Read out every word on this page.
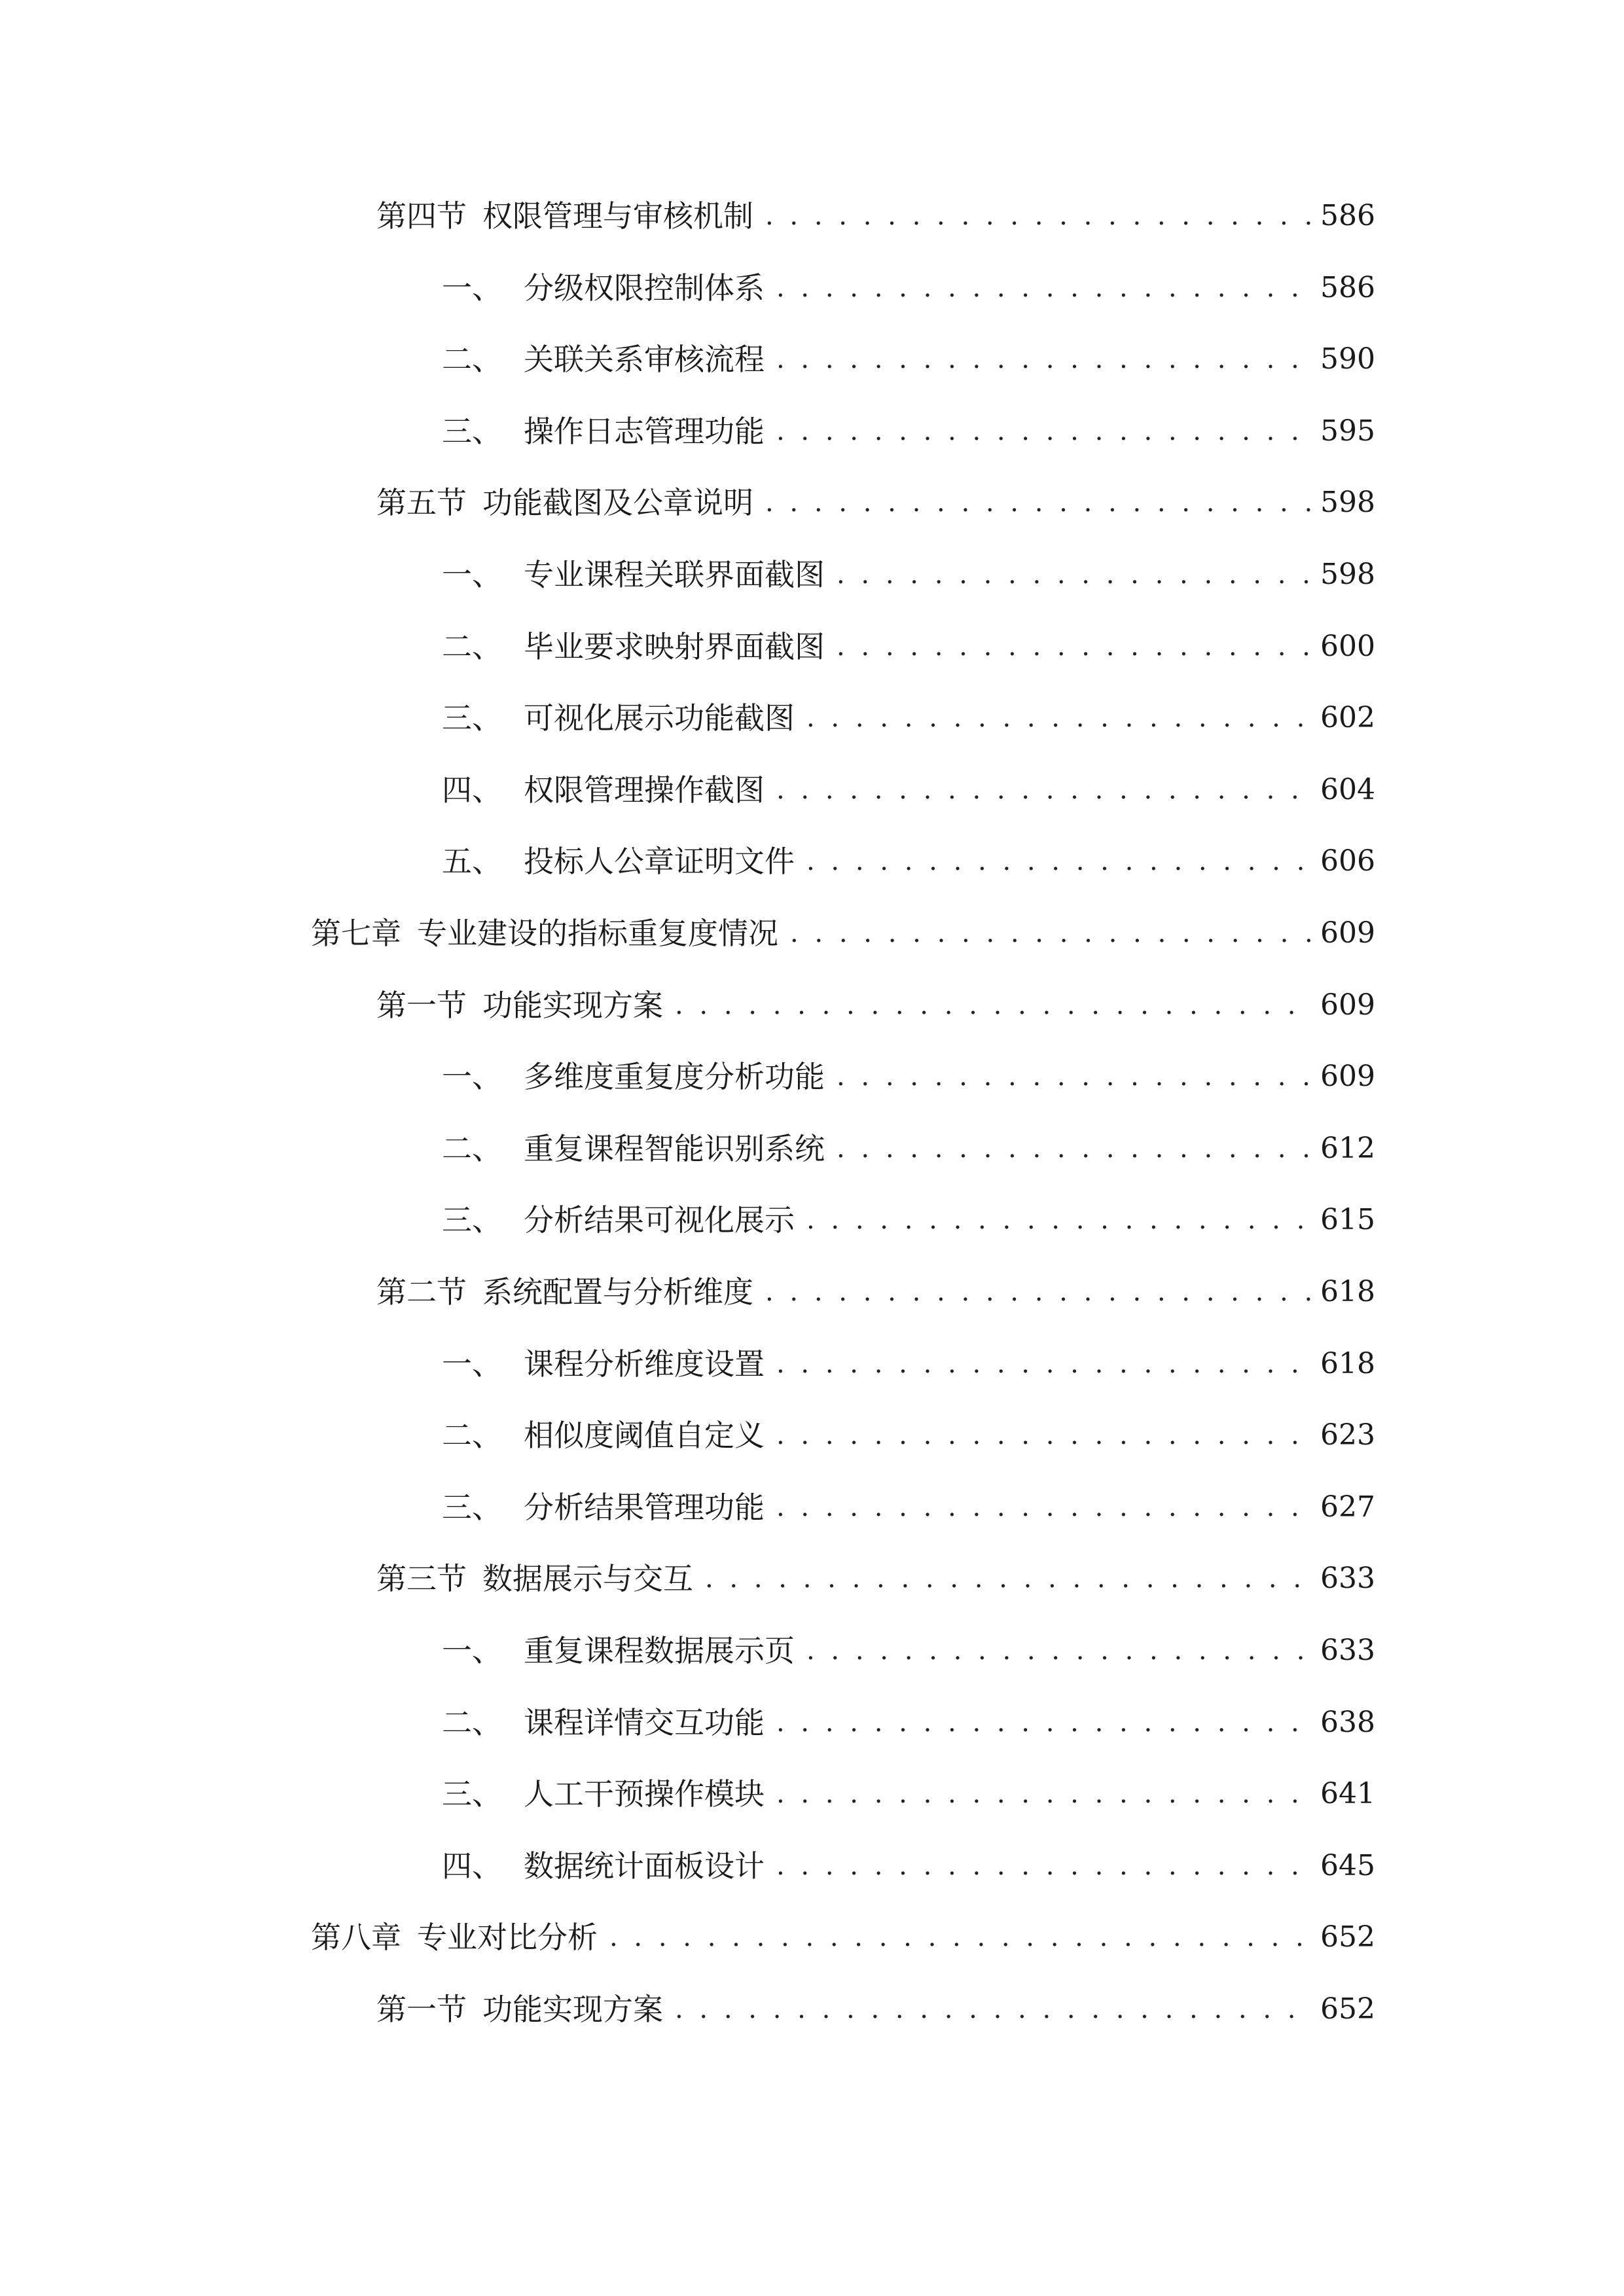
第四节 权限管理与审核机制 . . .	586
一、 分级权限控制体系 . . .	586
二、 关联关系审核流程 . . .	590
三、 操作日志管理功能 . . .	595
第五节 功能截图及公章说明 . . .	598
一、 专业课程关联界面截图 . . .	598
二、 毕业要求映射界面截图 . . .	600
三、 可视化展示功能截图 . . .	602
四、 权限管理操作截图 . . .	604
五、 投标人公章证明文件 . . .	606
第七章 专业建设的指标重复度情况 . . .	609
第一节 功能实现方案 . . .	609
一、 多维度重复度分析功能 . . .	609
二、 重复课程智能识别系统 . . .	612
三、 分析结果可视化展示 . . .	615
第二节 系统配置与分析维度 . . .	618
一、 课程分析维度设置 . . .	618
二、 相似度阈值自定义 . . .	623
三、 分析结果管理功能 . . .	627
第三节 数据展示与交互 . . .	633
一、 重复课程数据展示页 . . .	633
二、 课程详情交互功能 . . .	638
三、 人工干预操作模块 . . .	641
四、 数据统计面板设计 . . .	645
第八章 专业对比分析 . . .	652
第一节 功能实现方案 . . .	652
